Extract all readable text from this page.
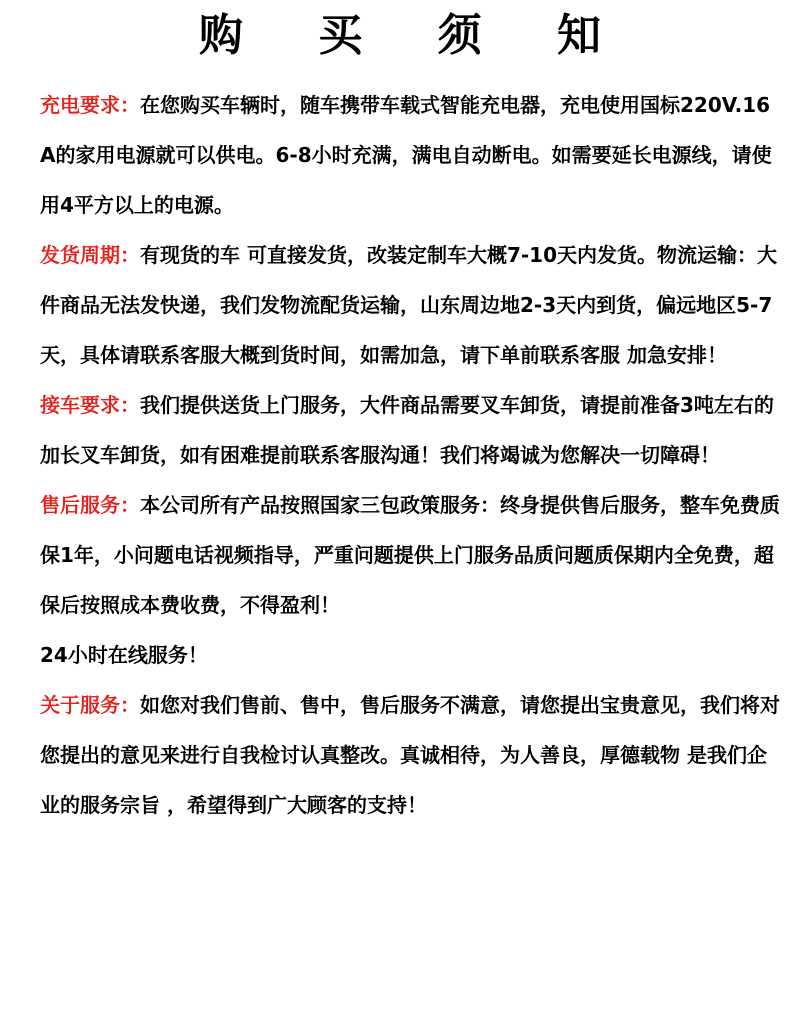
购 买 须 知

充电要求：在您购买车辆时，随车携带车载式智能充电器，充电使用国标220V.16A的家用电源就可以供电。6-8小时充满，满电自动断电。如需要延长电源线，请使用4平方以上的电源。

发货周期：有现货的车 可直接发货，改装定制车大概7-10天内发货。物流运输：大件商品无法发快递，我们发物流配货运输，山东周边地2-3天内到货，偏远地区5-7天，具体请联系客服大概到货时间，如需加急，请下单前联系客服 加急安排！

接车要求：我们提供送货上门服务，大件商品需要叉车卸货，请提前准备3吨左右的加长叉车卸货，如有困难提前联系客服沟通！我们将竭诚为您解决一切障碍！

售后服务：本公司所有产品按照国家三包政策服务：终身提供售后服务，整车免费质保1年，小问题电话视频指导，严重问题提供上门服务品质问题质保期内全免费，超保后按照成本费收费，不得盈利！

24小时在线服务！

关于服务：如您对我们售前、售中，售后服务不满意，请您提出宝贵意见，我们将对您提出的意见来进行自我检讨认真整改。真诚相待，为人善良，厚德载物 是我们企业的服务宗旨 ，希望得到广大顾客的支持！
